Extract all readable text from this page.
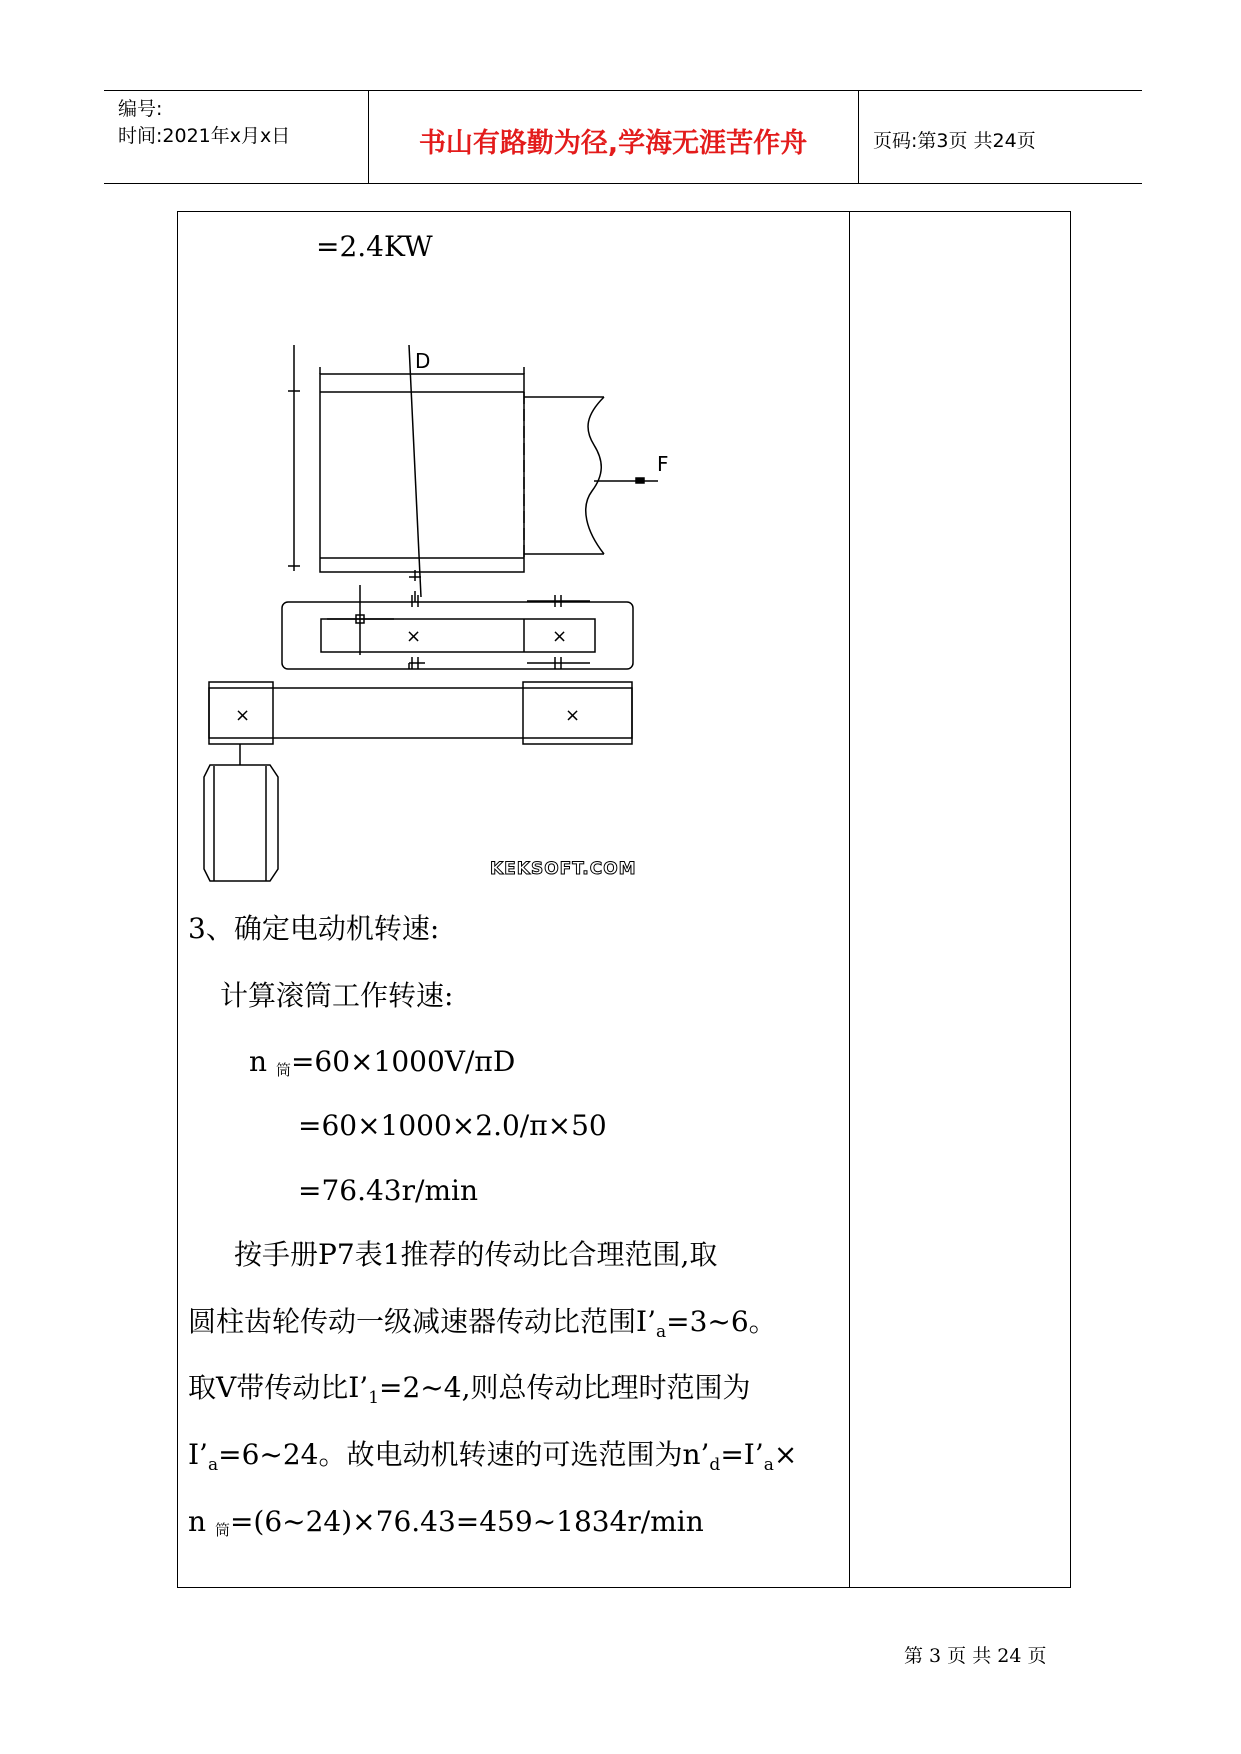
编号:
时间:2021年x月x日	书山有路勤为径,学海无涯苦作舟	页码:第3页 共24页
=2.4KW
D
F
×	×
×	×
KEKSOFT.COM
3、确定电动机转速:
计算滚筒工作转速:
n $_筒$=60×1000V/πD
=60×1000×2.0/π×50
=76.43r/min
按手册P7表1推荐的传动比合理范围,取
圆柱齿轮传动一级减速器传动比范围$I’_a=3\sim 6$。
取V带传动比$I’_1=2\sim 4$,则总传动比理时范围为
$I’_a=6\sim 24$。故电动机转速的可选范围为$n’_d=I’_a\times$
n $_筒$=(6~24)×76.43=459~1834r/min
第 3 页 共 24 页
